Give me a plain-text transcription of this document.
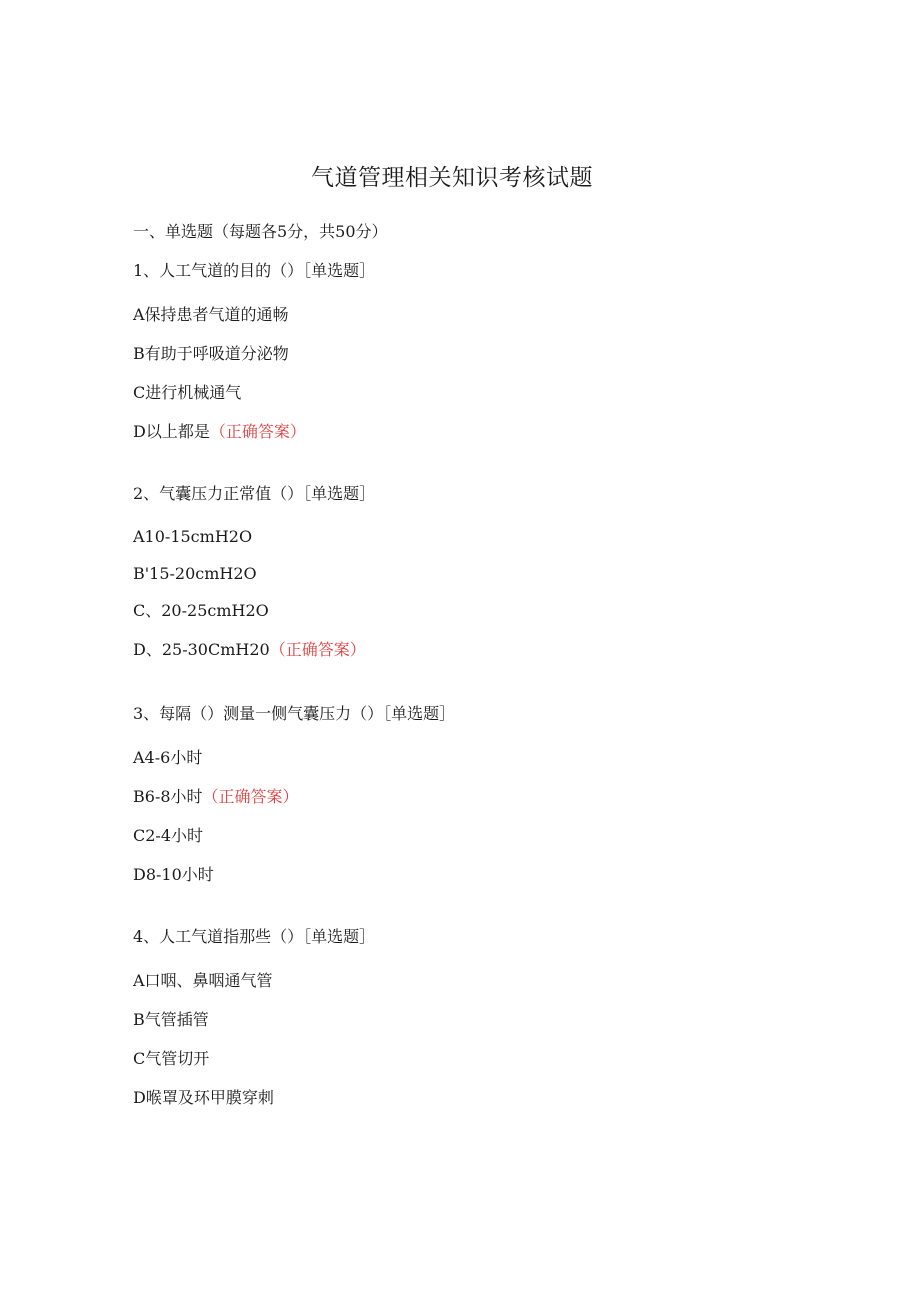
气道管理相关知识考核试题
一、单选题（每题各5分，共50分）
1、人工气道的目的（）［单选题］
A保持患者气道的通畅
B有助于呼吸道分泌物
C进行机械通气
D以上都是（正确答案）
2、气囊压力正常值（）［单选题］
A10-15cmH2O
B'15-20cmH2O
C、20-25cmH2O
D、25-30CmH20（正确答案）
3、每隔（）测量一侧气囊压力（）［单选题］
A4-6小时
B6-8小时（正确答案）
C2-4小时
D8-10小时
4、人工气道指那些（）［单选题］
A口咽、鼻咽通气管
B气管插管
C气管切开
D喉罩及环甲膜穿刺
